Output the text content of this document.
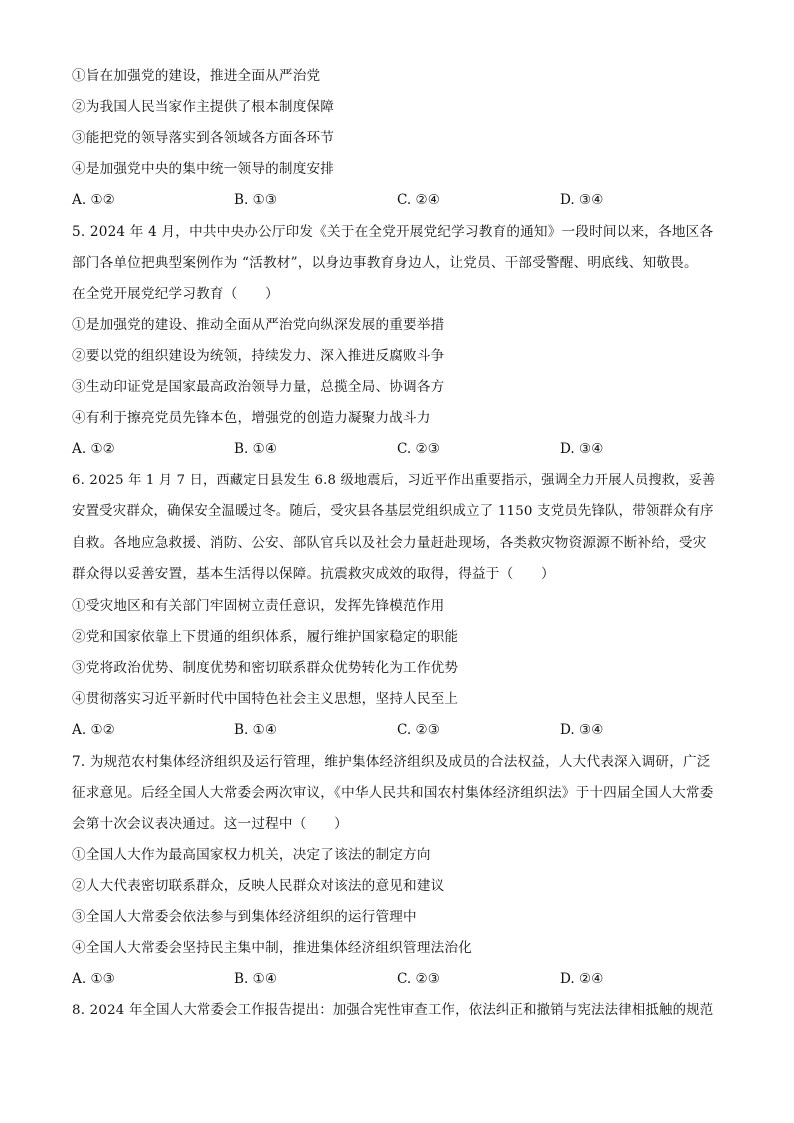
①旨在加强党的建设，推进全面从严治党
②为我国人民当家作主提供了根本制度保障
③能把党的领导落实到各领域各方面各环节
④是加强党中央的集中统一领导的制度安排
A. ①②	B. ①③	C. ②④	D. ③④
5. 2024 年 4 月，中共中央办公厅印发《关于在全党开展党纪学习教育的通知》一段时间以来，各地区各
部门各单位把典型案例作为 “活教材”，以身边事教育身边人，让党员、干部受警醒、明底线、知敬畏。
在全党开展党纪学习教育（　　）
①是加强党的建设、推动全面从严治党向纵深发展的重要举措
②要以党的组织建设为统领，持续发力、深入推进反腐败斗争
③生动印证党是国家最高政治领导力量，总揽全局、协调各方
④有利于擦亮党员先锋本色，增强党的创造力凝聚力战斗力
A. ①②	B. ①④	C. ②③	D. ③④
6. 2025 年 1 月 7 日，西藏定日县发生 6.8 级地震后，习近平作出重要指示，强调全力开展人员搜救，妥善
安置受灾群众，确保安全温暖过冬。随后，受灾县各基层党组织成立了 1150 支党员先锋队，带领群众有序
自救。各地应急救援、消防、公安、部队官兵以及社会力量赶赴现场，各类救灾物资源源不断补给，受灾
群众得以妥善安置，基本生活得以保障。抗震救灾成效的取得，得益于（　　）
①受灾地区和有关部门牢固树立责任意识，发挥先锋模范作用
②党和国家依靠上下贯通的组织体系，履行维护国家稳定的职能
③党将政治优势、制度优势和密切联系群众优势转化为工作优势
④贯彻落实习近平新时代中国特色社会主义思想，坚持人民至上
A. ①②	B. ①④	C. ②③	D. ③④
7. 为规范农村集体经济组织及运行管理，维护集体经济组织及成员的合法权益，人大代表深入调研，广泛
征求意见。后经全国人大常委会两次审议，《中华人民共和国农村集体经济组织法》于十四届全国人大常委
会第十次会议表决通过。这一过程中（　　）
①全国人大作为最高国家权力机关，决定了该法的制定方向
②人大代表密切联系群众，反映人民群众对该法的意见和建议
③全国人大常委会依法参与到集体经济组织的运行管理中
④全国人大常委会坚持民主集中制，推进集体经济组织管理法治化
A. ①③	B. ①④	C. ②③	D. ②④
8. 2024 年全国人大常委会工作报告提出：加强合宪性审查工作，依法纠正和撤销与宪法法律相抵触的规范
